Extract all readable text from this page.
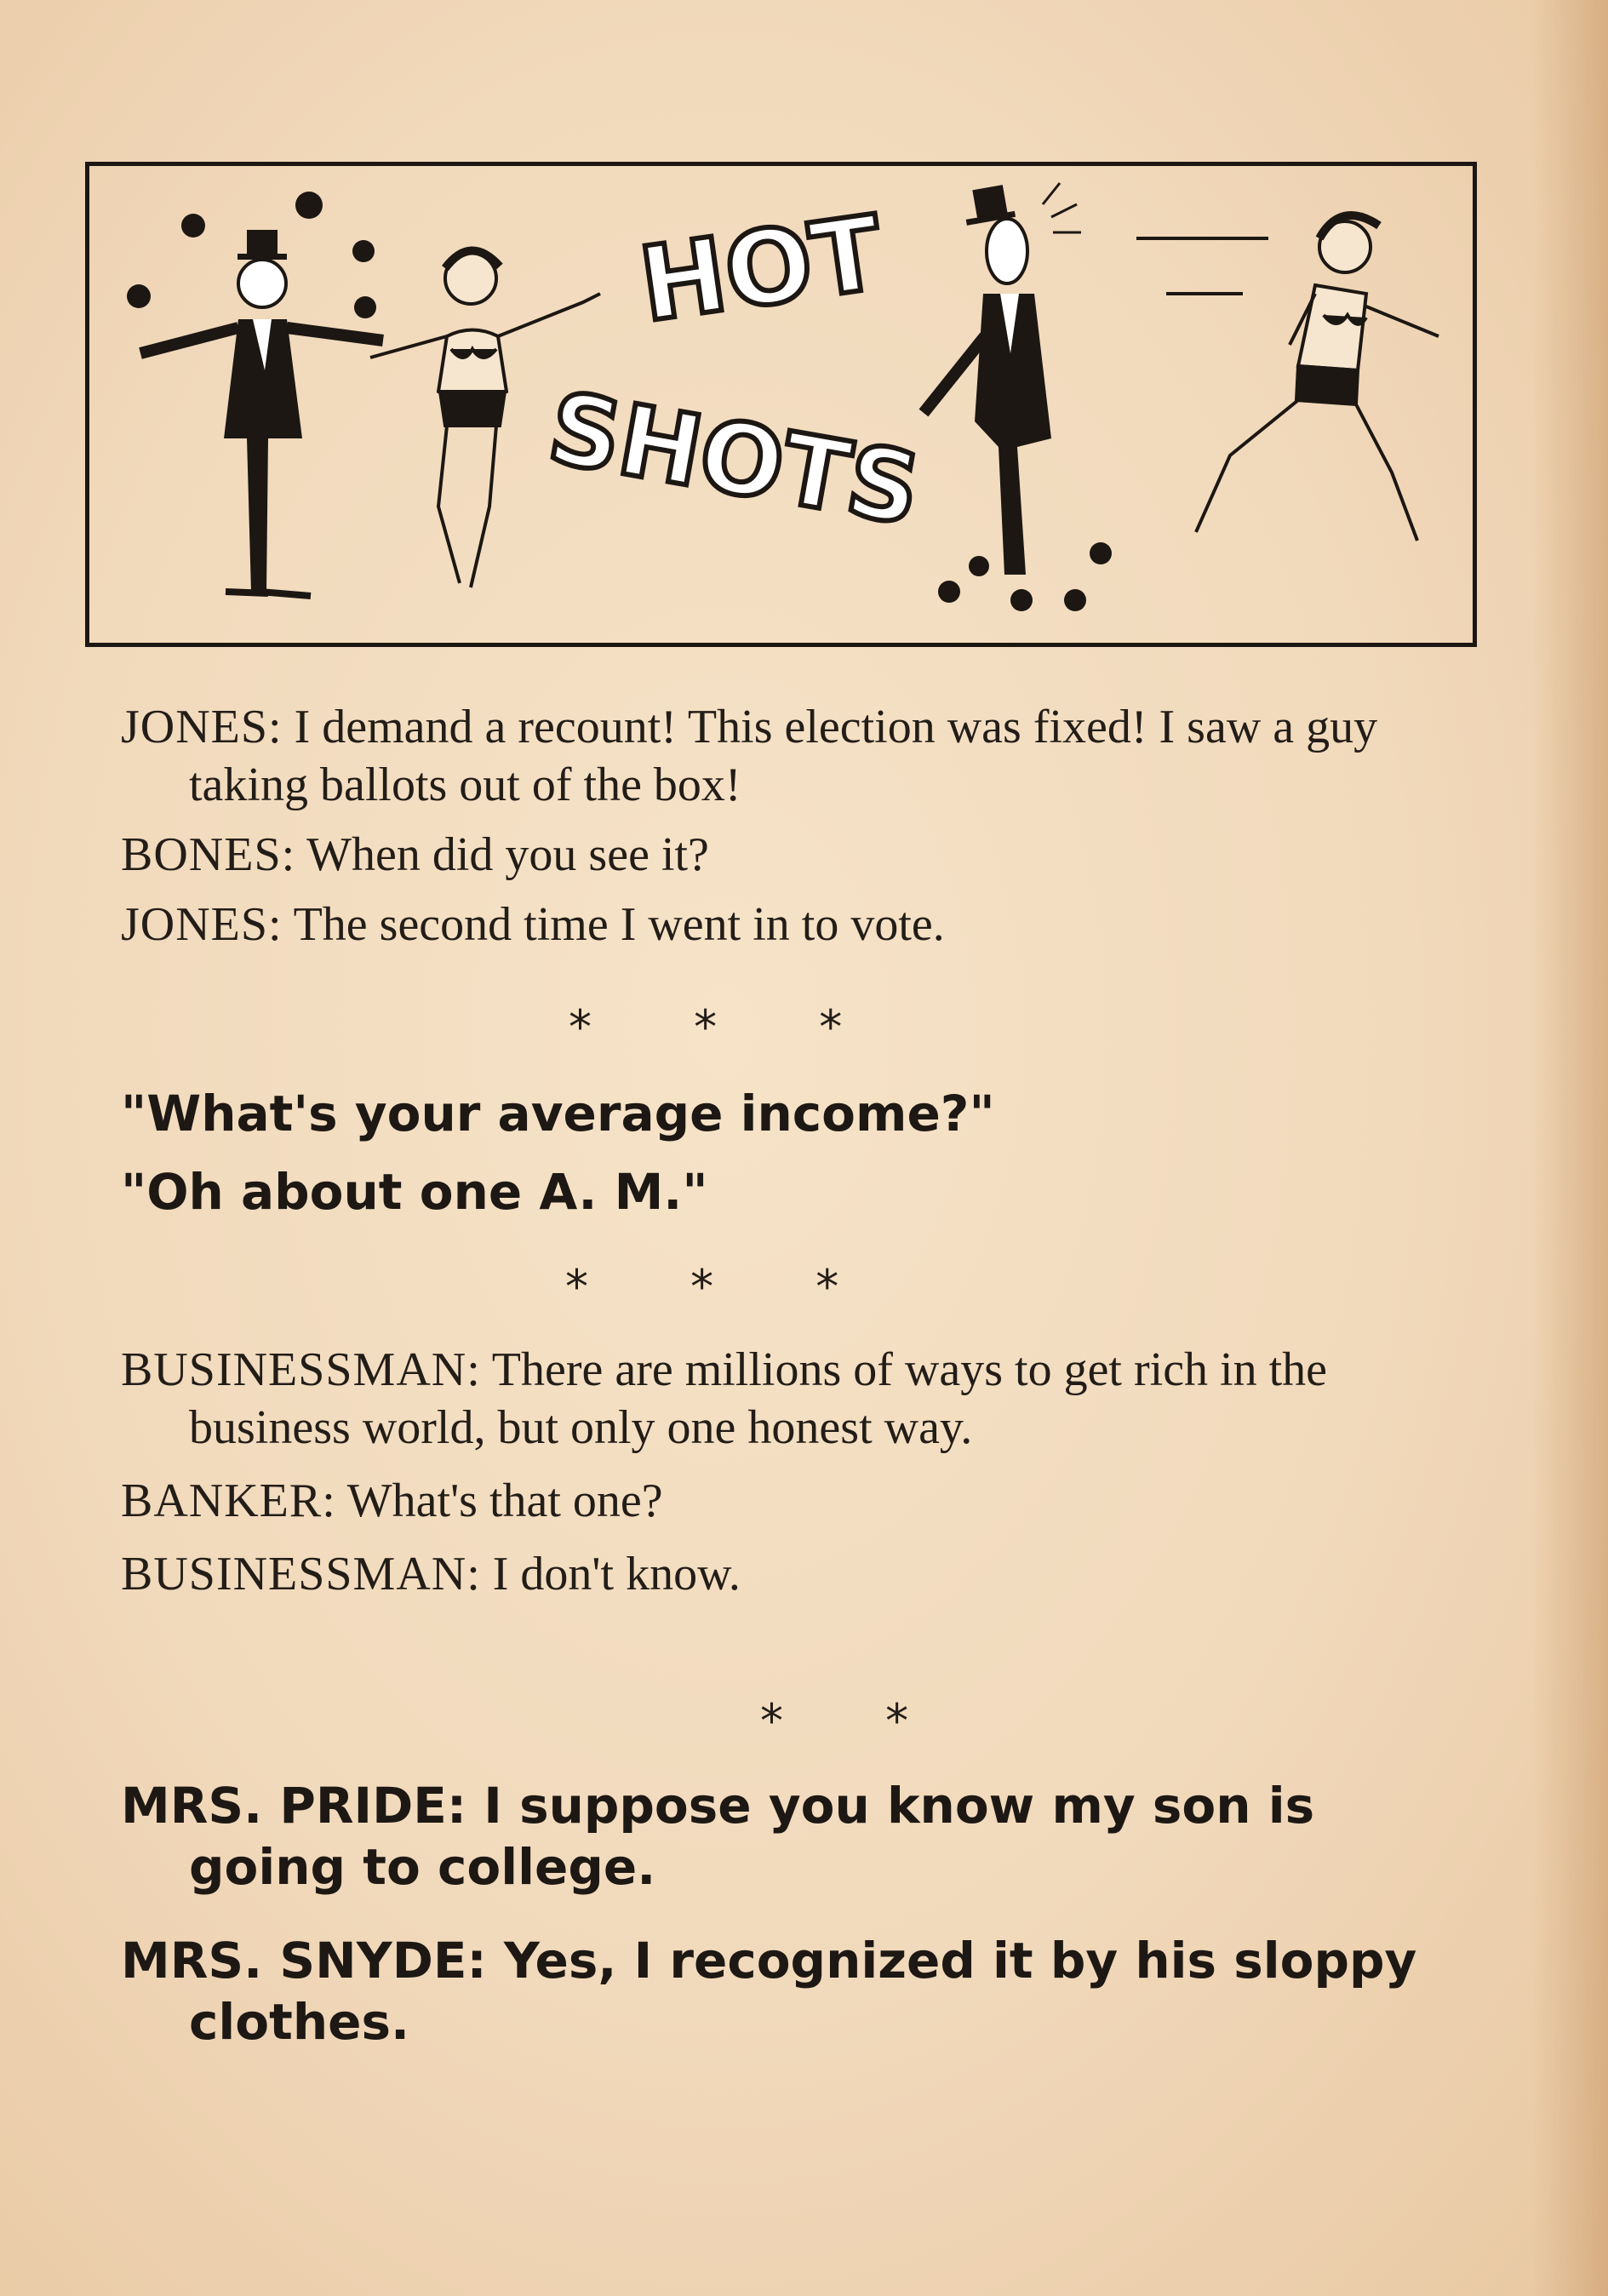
HOT
SHOTS

JONES: I demand a recount! This election was fixed! I saw a guy taking ballots out of the box!

BONES: When did you see it?

JONES: The second time I went in to vote.

*       *       *
"What's your average income?"
"Oh about one A. M."
*       *       *

BUSINESSMAN: There are millions of ways to get rich in the business world, but only one honest way.

BANKER: What's that one?

BUSINESSMAN: I don't know.

*       *

MRS. PRIDE: I suppose you know my son is going to college.

MRS. SNYDE: Yes, I recognized it by his sloppy clothes.
